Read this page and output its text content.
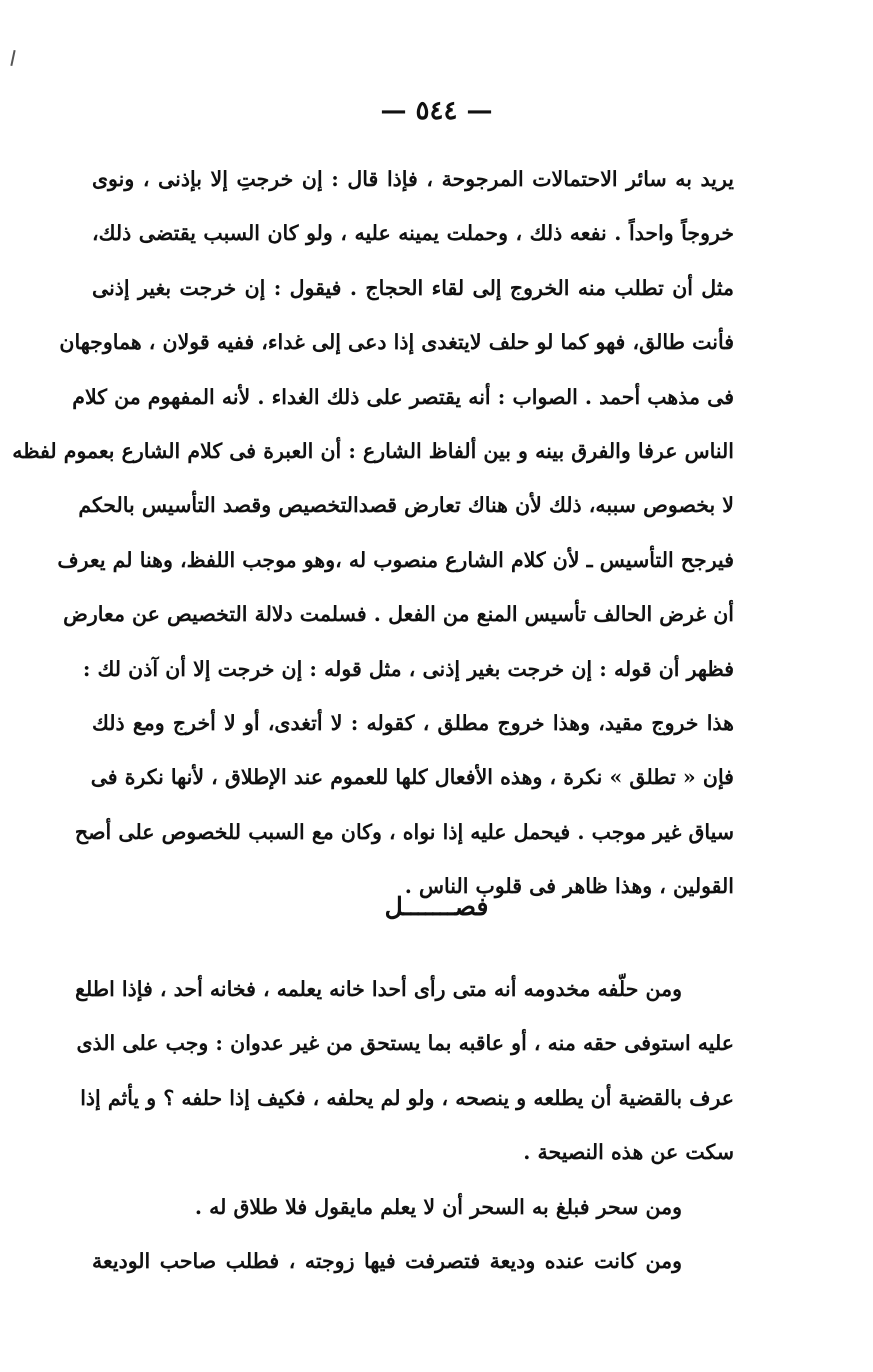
— ٥٤٤ —
يريد به سائر الاحتمالات المرجوحة ، فإذا قال : إن خرجتِ إلا بإذنى ، ونوى
خروجاً واحداً . نفعه ذلك ، وحملت يمينه عليه ، ولو كان السبب يقتضى ذلك،
مثل أن تطلب منه الخروج إلى لقاء الحجاج . فيقول : إن خرجت بغير إذنى
فأنت طالق، فهو كما لو حلف لايتغدى إذا دعى إلى غداء، ففيه قولان ، هماوجهان
فى مذهب أحمد . الصواب : أنه يقتصر على ذلك الغداء . لأنه المفهوم من كلام
الناس عرفا والفرق بينه و بين ألفاظ الشارع : أن العبرة فى كلام الشارع بعموم لفظه
لا بخصوص سببه، ذلك لأن هناك تعارض قصدالتخصيص وقصد التأسيس بالحكم
فيرجح التأسيس ـ لأن كلام الشارع منصوب له ،وهو موجب اللفظ، وهنا لم يعرف
أن غرض الحالف تأسيس المنع من الفعل . فسلمت دلالة التخصيص عن معارض
فظهر أن قوله : إن خرجت بغير إذنى ، مثل قوله : إن خرجت إلا أن آذن لك :
هذا خروج مقيد، وهذا خروج مطلق ، كقوله : لا أتغدى، أو لا أخرج ومع ذلك
فإن « تطلق » نكرة ، وهذه الأفعال كلها للعموم عند الإطلاق ، لأنها نكرة فى
سياق غير موجب . فيحمل عليه إذا نواه ، وكان مع السبب للخصوص على أصح
القولين ، وهذا ظاهر فى قلوب الناس .
فصـــــــل
ومن حلّفه مخدومه أنه متى رأى أحدا خانه يعلمه ، فخانه أحد ، فإذا اطلع
عليه استوفى حقه منه ، أو عاقبه بما يستحق من غير عدوان : وجب على الذى
عرف بالقضية أن يطلعه و ينصحه ، ولو لم يحلفه ، فكيف إذا حلفه ؟ و يأثم إذا
سكت عن هذه النصيحة .
ومن سحر فبلغ به السحر أن لا يعلم مايقول فلا طلاق له .
ومن كانت عنده وديعة فتصرفت فيها زوجته ، فطلب صاحب الوديعة
